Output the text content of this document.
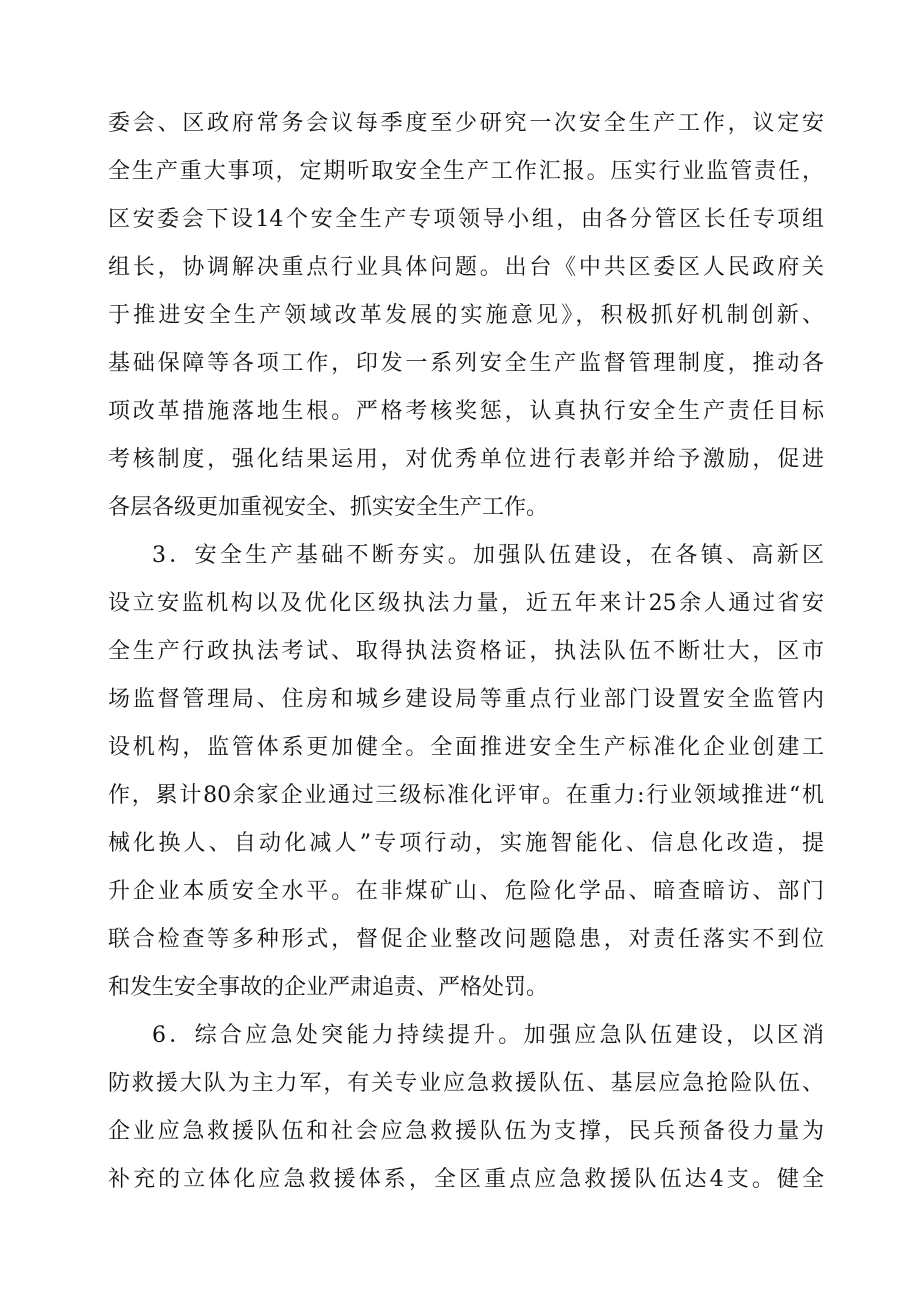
委会、区政府常务会议每季度至少研究一次安全生产工作，议定安
全生产重大事项，定期听取安全生产工作汇报。压实行业监管责任，
区安委会下设14个安全生产专项领导小组，由各分管区长任专项组
组长，协调解决重点行业具体问题。出台《中共区委区人民政府关
于推进安全生产领域改革发展的实施意见》，积极抓好机制创新、
基础保障等各项工作，印发一系列安全生产监督管理制度，推动各
项改革措施落地生根。严格考核奖惩，认真执行安全生产责任目标
考核制度，强化结果运用，对优秀单位进行表彰并给予激励，促进
各层各级更加重视安全、抓实安全生产工作。
3．安全生产基础不断夯实。加强队伍建设，在各镇、高新区
设立安监机构以及优化区级执法力量，近五年来计25余人通过省安
全生产行政执法考试、取得执法资格证，执法队伍不断壮大，区市
场监督管理局、住房和城乡建设局等重点行业部门设置安全监管内
设机构，监管体系更加健全。全面推进安全生产标准化企业创建工
作，累计80余家企业通过三级标准化评审。在重力:行业领域推进“机
械化换人、自动化减人”专项行动，实施智能化、信息化改造，提
升企业本质安全水平。在非煤矿山、危险化学品、暗查暗访、部门
联合检查等多种形式，督促企业整改问题隐患，对责任落实不到位
和发生安全事故的企业严肃追责、严格处罚。
6．综合应急处突能力持续提升。加强应急队伍建设，以区消
防救援大队为主力军，有关专业应急救援队伍、基层应急抢险队伍、
企业应急救援队伍和社会应急救援队伍为支撑，民兵预备役力量为
补充的立体化应急救援体系，全区重点应急救援队伍达4支。健全
